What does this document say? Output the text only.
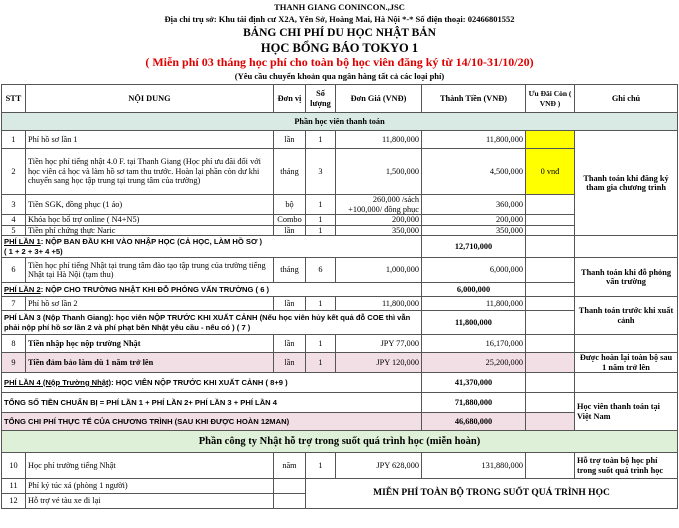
THANH GIANG CONINCON.,JSC
Địa chỉ trụ sở: Khu tái định cư X2A, Yên Sở, Hoàng Mai, Hà Nội *-* Số điện thoại: 02466801552
BẢNG CHI PHÍ DU HỌC NHẬT BẢN
HỌC BỔNG BÁO TOKYO 1
( Miễn phí 03 tháng học phí cho toàn bộ học viên đăng ký từ 14/10-31/10/20)
(Yêu cầu chuyển khoản qua ngân hàng tất cả các loại phí)
STT	NỘI DUNG	Đơn vị	Số lượng	Đơn Giá (VNĐ)	Thành Tiền (VNĐ)	Ưu Đãi Còn ( VNĐ )	Ghi chú
Phần học viên thanh toán							
1	Phí hồ sơ lần 1	lần	1	11,800,000	11,800,000		Thanh toán khi đăng ký tham gia chương trình
2	Tiền học phí tiếng nhật 4.0 F. tại Thanh Giang (Học phí ưu đãi đối với học viên cả học và làm hồ sơ tam thu trước. Hoàn lại phần còn dư khi chuyển sang học tập trung tại trung tâm của trường)	tháng	3	1,500,000	4,500,000	0 vnđ	
3	Tiền SGK, đồng phục (1 áo)	bộ	1	260,000 /sách +100,000/ đồng phục	360,000		
4	Khóa học bổ trợ online ( N4+N5)	Combo	1	200,000	200,000		
5	Tiền phí chứng thực Naric	lần	1	350,000	350,000		
PHÍ LẦN 1: NỘP BAN ĐẦU KHI VÀO NHẬP HỌC (CẢ HỌC, LÀM HỒ SƠ )
( 1 + 2 + 3+ 4 +5)					12,710,000		
6	Tiền học phí tiếng Nhật tại trung tâm đào tạo tập trung của trường tiếng Nhật tại Hà Nội (tạm thu)	tháng	6	1,000,000	6,000,000		Thanh toán khi đỗ phỏng vấn trường
PHÍ LẦN 2: NỘP CHO TRƯỜNG NHẬT KHI ĐỖ PHỎNG VẤN TRƯỜNG ( 6 )					6,000,000		
7	Phí hồ sơ lần 2	lần	1	11,800,000	11,800,000		Thanh toán trước khi xuất cảnh
PHÍ LẦN 3 (Nộp Thanh Giang): học viên NỘP TRƯỚC KHI XUẤT CẢNH (Nếu học viên hủy kết quả đỗ COE thì vẫn phải nộp phí hồ sơ lần 2 và phí phạt bên Nhật yêu cầu - nếu có ) ( 7 )					11,800,000		
8	Tiền nhập học nộp trường Nhật	lần	1	JPY 77,000	16,170,000		
9	Tiền đảm bảo làm dù 1 năm trở lên	lần	1	JPY 120,000	25,200,000		Được hoàn lại toàn bộ sau 1 năm trở lên
PHÍ LẦN 4 (Nộp Trường Nhật): HỌC VIÊN NỘP TRƯỚC KHI XUẤT CẢNH ( 8+9 )					41,370,000		
TỔNG SỐ TIỀN CHUẨN BỊ = PHÍ LẦN 1 + PHÍ LẦN 2+ PHÍ LẦN 3 + PHÍ LẦN 4					71,880,000		Học viên thanh toán tại Việt Nam
TỔNG CHI PHÍ THỰC TẾ CỦA CHƯƠNG TRÌNH (SAU KHI ĐƯỢC HOÀN 12MAN)					46,680,000		
Phần công ty Nhật hỗ trợ trong suốt quá trình học (miễn hoàn)							
10	Học phí trường tiếng Nhật	năm	1	JPY 628,000	131,880,000		Hỗ trợ toàn bộ học phí trong suốt quá trình học
11	Phí ký túc xá (phòng 1 người)		MIỄN PHÍ TOÀN BỘ TRONG SUỐT QUÁ TRÌNH HỌC				
12	Hỗ trợ vé tàu xe đi lại						
